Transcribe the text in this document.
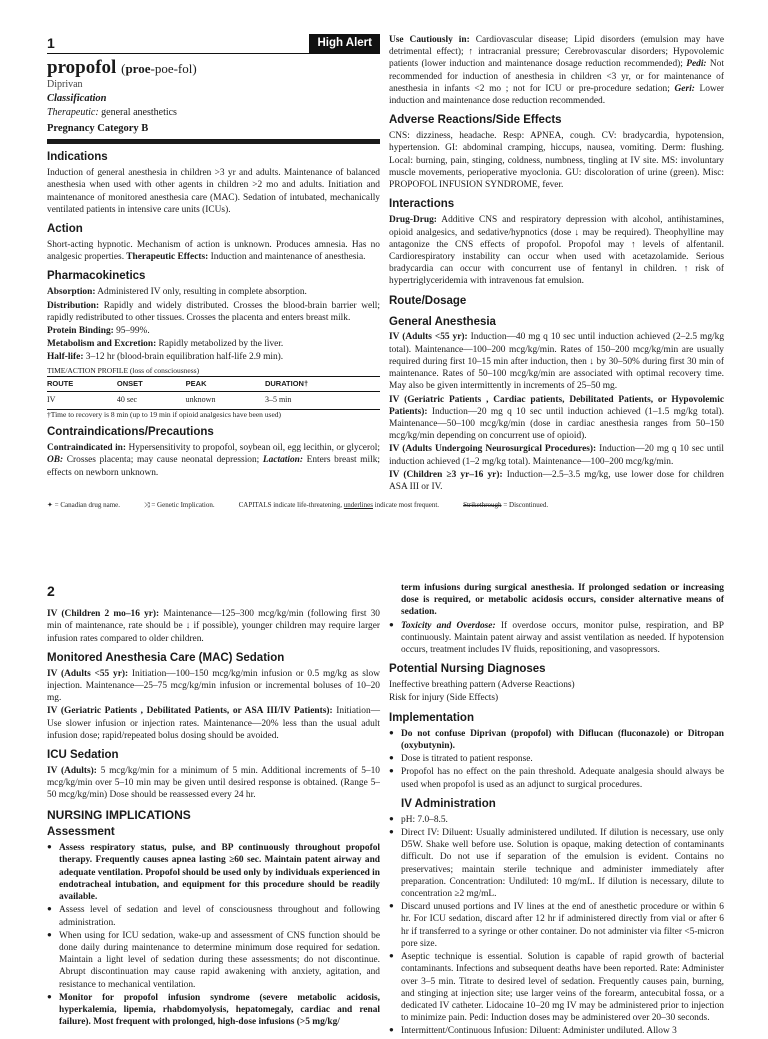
1	High Alert

propofol (proe-poe-fol)

Diprivan

Classification

Therapeutic: general anesthetics

Pregnancy Category B

Indications

Induction of general anesthesia in children >3 yr and adults. Maintenance of balanced anesthesia when used with other agents in children >2 mo and adults. Initiation and maintenance of monitored anesthesia care (MAC). Sedation of intubated, mechanically ventilated patients in intensive care units (ICUs).

Action

Short-acting hypnotic. Mechanism of action is unknown. Produces amnesia. Has no analgesic properties. Therapeutic Effects: Induction and maintenance of anesthesia.

Pharmacokinetics

Absorption: Administered IV only, resulting in complete absorption.

Distribution: Rapidly and widely distributed. Crosses the blood-brain barrier well; rapidly redistributed to other tissues. Crosses the placenta and enters breast milk.

Protein Binding: 95–99%.

Metabolism and Excretion: Rapidly metabolized by the liver.

Half-life: 3–12 hr (blood-brain equilibration half-life 2.9 min).

TIME/ACTION PROFILE (loss of consciousness)

ROUTE	ONSET	PEAK	DURATION†
IV	40 sec	unknown	3–5 min

†Time to recovery is 8 min (up to 19 min if opioid analgesics have been used)

Contraindications/Precautions

Contraindicated in: Hypersensitivity to propofol, soybean oil, egg lecithin, or glycerol; OB: Crosses placenta; may cause neonatal depression; Lactation: Enters breast milk; effects on newborn unknown.

Use Cautiously in: Cardiovascular disease; Lipid disorders (emulsion may have detrimental effect); ↑ intracranial pressure; Cerebrovascular disorders; Hypovolemic patients (lower induction and maintenance dosage reduction recommended); Pedi: Not recommended for induction of anesthesia in children <3 yr, or for maintenance of anesthesia in infants <2 mo ; not for ICU or pre-procedure sedation; Geri: Lower induction and maintenance dose reduction recommended.

Adverse Reactions/Side Effects

CNS: dizziness, headache. Resp: APNEA, cough. CV: bradycardia, hypotension, hypertension. GI: abdominal cramping, hiccups, nausea, vomiting. Derm: flushing. Local: burning, pain, stinging, coldness, numbness, tingling at IV site. MS: involuntary muscle movements, perioperative myoclonia. GU: discoloration of urine (green). Misc: PROPOFOL INFUSION SYNDROME, fever.

Interactions

Drug-Drug: Additive CNS and respiratory depression with alcohol, antihistamines, opioid analgesics, and sedative/hypnotics (dose ↓ may be required). Theophylline may antagonize the CNS effects of propofol. Propofol may ↑ levels of alfentanil. Cardiorespiratory instability can occur when used with acetazolamide. Serious bradycardia can occur with concurrent use of fentanyl in children. ↑ risk of hypertriglyceridemia with intravenous fat emulsion.

Route/Dosage
General Anesthesia

IV (Adults <55 yr): Induction—40 mg q 10 sec until induction achieved (2–2.5 mg/kg total). Maintenance—100–200 mcg/kg/min. Rates of 150–200 mcg/kg/min are usually required during first 10–15 min after induction, then ↓ by 30–50% during first 30 min of maintenance. Rates of 50–100 mcg/kg/min are associated with optimal recovery time. May also be given intermittently in increments of 25–50 mg.

IV (Geriatric Patients , Cardiac patients, Debilitated Patients, or Hypovolemic Patients): Induction—20 mg q 10 sec until induction achieved (1–1.5 mg/kg total). Maintenance—50–100 mcg/kg/min (dose in cardiac anesthesia ranges from 50–150 mcg/kg/min depending on concurrent use of opioid).

IV (Adults Undergoing Neurosurgical Procedures): Induction—20 mg q 10 sec until induction achieved (1–2 mg/kg total). Maintenance—100–200 mcg/kg/min.

IV (Children ≥3 yr–16 yr): Induction—2.5–3.5 mg/kg, use lower dose for children ASA III or IV.

✦ = Canadian drug name.	⤨ = Genetic Implication.	CAPITALS indicate life-threatening, underlines indicate most frequent.	Strikethrough = Discontinued.

2

IV (Children 2 mo–16 yr): Maintenance—125–300 mcg/kg/min (following first 30 min of maintenance, rate should be ↓ if possible), younger children may require larger infusion rates compared to older children.

Monitored Anesthesia Care (MAC) Sedation

IV (Adults <55 yr): Initiation—100–150 mcg/kg/min infusion or 0.5 mg/kg as slow injection. Maintenance—25–75 mcg/kg/min infusion or incremental boluses of 10–20 mg.

IV (Geriatric Patients , Debilitated Patients, or ASA III/IV Patients): Initiation—Use slower infusion or injection rates. Maintenance—20% less than the usual adult infusion dose; rapid/repeated bolus dosing should be avoided.

ICU Sedation

IV (Adults): 5 mcg/kg/min for a minimum of 5 min. Additional increments of 5–10 mcg/kg/min over 5–10 min may be given until desired response is obtained. (Range 5–50 mcg/kg/min) Dose should be reassessed every 24 hr.

NURSING IMPLICATIONS
Assessment
● Assess respiratory status, pulse, and BP continuously throughout propofol therapy. Frequently causes apnea lasting ≥60 sec. Maintain patent airway and adequate ventilation. Propofol should be used only by individuals experienced in endotracheal intubation, and equipment for this procedure should be readily available.
● Assess level of sedation and level of consciousness throughout and following administration.
● When using for ICU sedation, wake-up and assessment of CNS function should be done daily during maintenance to determine minimum dose required for sedation. Maintain a light level of sedation during these assessments; do not discontinue. Abrupt discontinuation may cause rapid awakening with anxiety, agitation, and resistance to mechanical ventilation.
● Monitor for propofol infusion syndrome (severe metabolic acidosis, hyperkalemia, lipemia, rhabdomyolysis, hepatomegaly, cardiac and renal failure). Most frequent with prolonged, high-dose infusions (>5 mg/kg/

term infusions during surgical anesthesia. If prolonged sedation or increasing dose is required, or metabolic acidosis occurs, consider alternative means of sedation.

● Toxicity and Overdose: If overdose occurs, monitor pulse, respiration, and BP continuously. Maintain patent airway and assist ventilation as needed. If hypotension occurs, treatment includes IV fluids, repositioning, and vasopressors.
Potential Nursing Diagnoses

Ineffective breathing pattern (Adverse Reactions)

Risk for injury (Side Effects)

Implementation
● Do not confuse Diprivan (propofol) with Diflucan (fluconazole) or Ditropan (oxybutynin).
● Dose is titrated to patient response.
● Propofol has no effect on the pain threshold. Adequate analgesia should always be used when propofol is used as an adjunct to surgical procedures.
IV Administration
● pH: 7.0–8.5.
● Direct IV: Diluent: Usually administered undiluted. If dilution is necessary, use only D5W. Shake well before use. Solution is opaque, making detection of contaminants difficult. Do not use if separation of the emulsion is evident. Contains no preservatives; maintain sterile technique and administer immediately after preparation. Concentration: Undiluted: 10 mg/mL. If dilution is necessary, dilute to concentration ≥2 mg/mL.
● Discard unused portions and IV lines at the end of anesthetic procedure or within 6 hr. For ICU sedation, discard after 12 hr if administered directly from vial or after 6 hr if transferred to a syringe or other container. Do not administer via filter <5-micron pore size.
● Aseptic technique is essential. Solution is capable of rapid growth of bacterial contaminants. Infections and subsequent deaths have been reported. Rate: Administer over 3–5 min. Titrate to desired level of sedation. Frequently causes pain, burning, and stinging at injection site; use larger veins of the forearm, antecubital fossa, or a dedicated IV catheter. Lidocaine 10–20 mg IV may be administered prior to injection to minimize pain. Pedi: Induction doses may be administered over 20–30 seconds.
● Intermittent/Continuous Infusion: Diluent: Administer undiluted. Allow 3
